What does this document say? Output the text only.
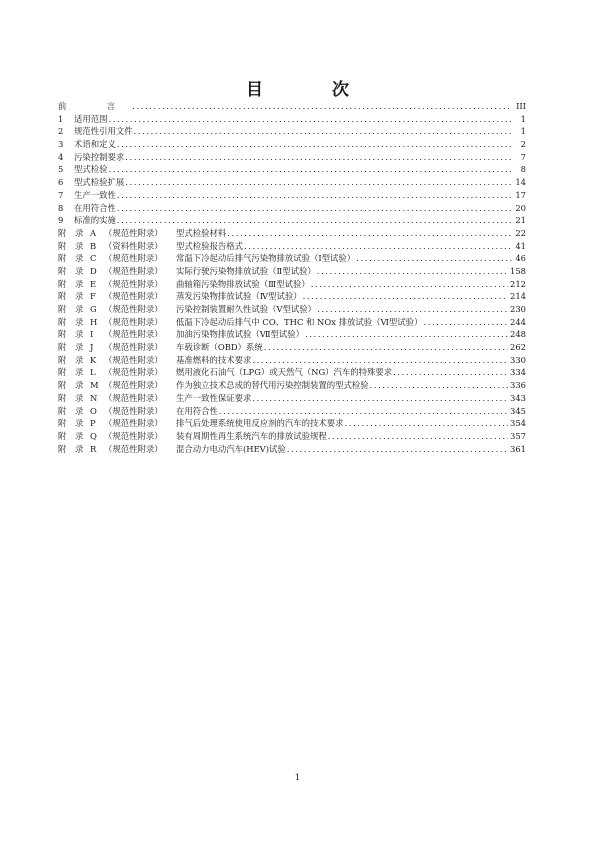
目　次
前　言 .....	III
1	适用范围 .....	1
2	规范性引用文件 .....	1
3	术语和定义 .....	2
4	污染控制要求 .....	7
5	型式检验 .....	8
6	型式检验扩展 .....	14
7	生产一致性 .....	17
8	在用符合性 .....	20
9	标准的实施 .....	21
附 录 A （规范性附录）	型式检验材料 .....	22
附 录 B （资料性附录）	型式检验报告格式 .....	41
附 录 C （规范性附录）	常温下冷起动后排气污染物排放试验（Ⅰ型试验） .....	46
附 录 D （规范性附录）	实际行驶污染物排放试验（Ⅱ型试验） .....	158
附 录 E （规范性附录）	曲轴箱污染物排放试验（Ⅲ型试验） .....	212
附 录 F （规范性附录）	蒸发污染物排放试验（Ⅳ型试验） .....	214
附 录 G （规范性附录）	污染控制装置耐久性试验（Ⅴ型试验） .....	230
附 录 H （规范性附录）	低温下冷起动后排气中 CO、THC 和 NOx 排放试验（Ⅵ型试验） .....	244
附 录 I	（规范性附录）	加油污染物排放试验（Ⅶ型试验） .....	248
附 录 J	（规范性附录）	车载诊断（OBD）系统 .....	262
附 录 K （规范性附录）	基准燃料的技术要求 .....	330
附 录 L	（规范性附录）	燃用液化石油气（LPG）或天然气（NG）汽车的特殊要求 .....	334
附 录 M （规范性附录）	作为独立技术总成的替代用污染控制装置的型式检验 .....	336
附 录 N （规范性附录）	生产一致性保证要求 .....	343
附 录 O （规范性附录）	在用符合性 .....	345
附 录 P （规范性附录）	排气后处理系统使用反应剂的汽车的技术要求 .....	354
附 录 Q （规范性附录）	装有周期性再生系统汽车的排放试验规程 .....	357
附 录 R （规范性附录）	混合动力电动汽车(HEV)试验 .....	361
1
